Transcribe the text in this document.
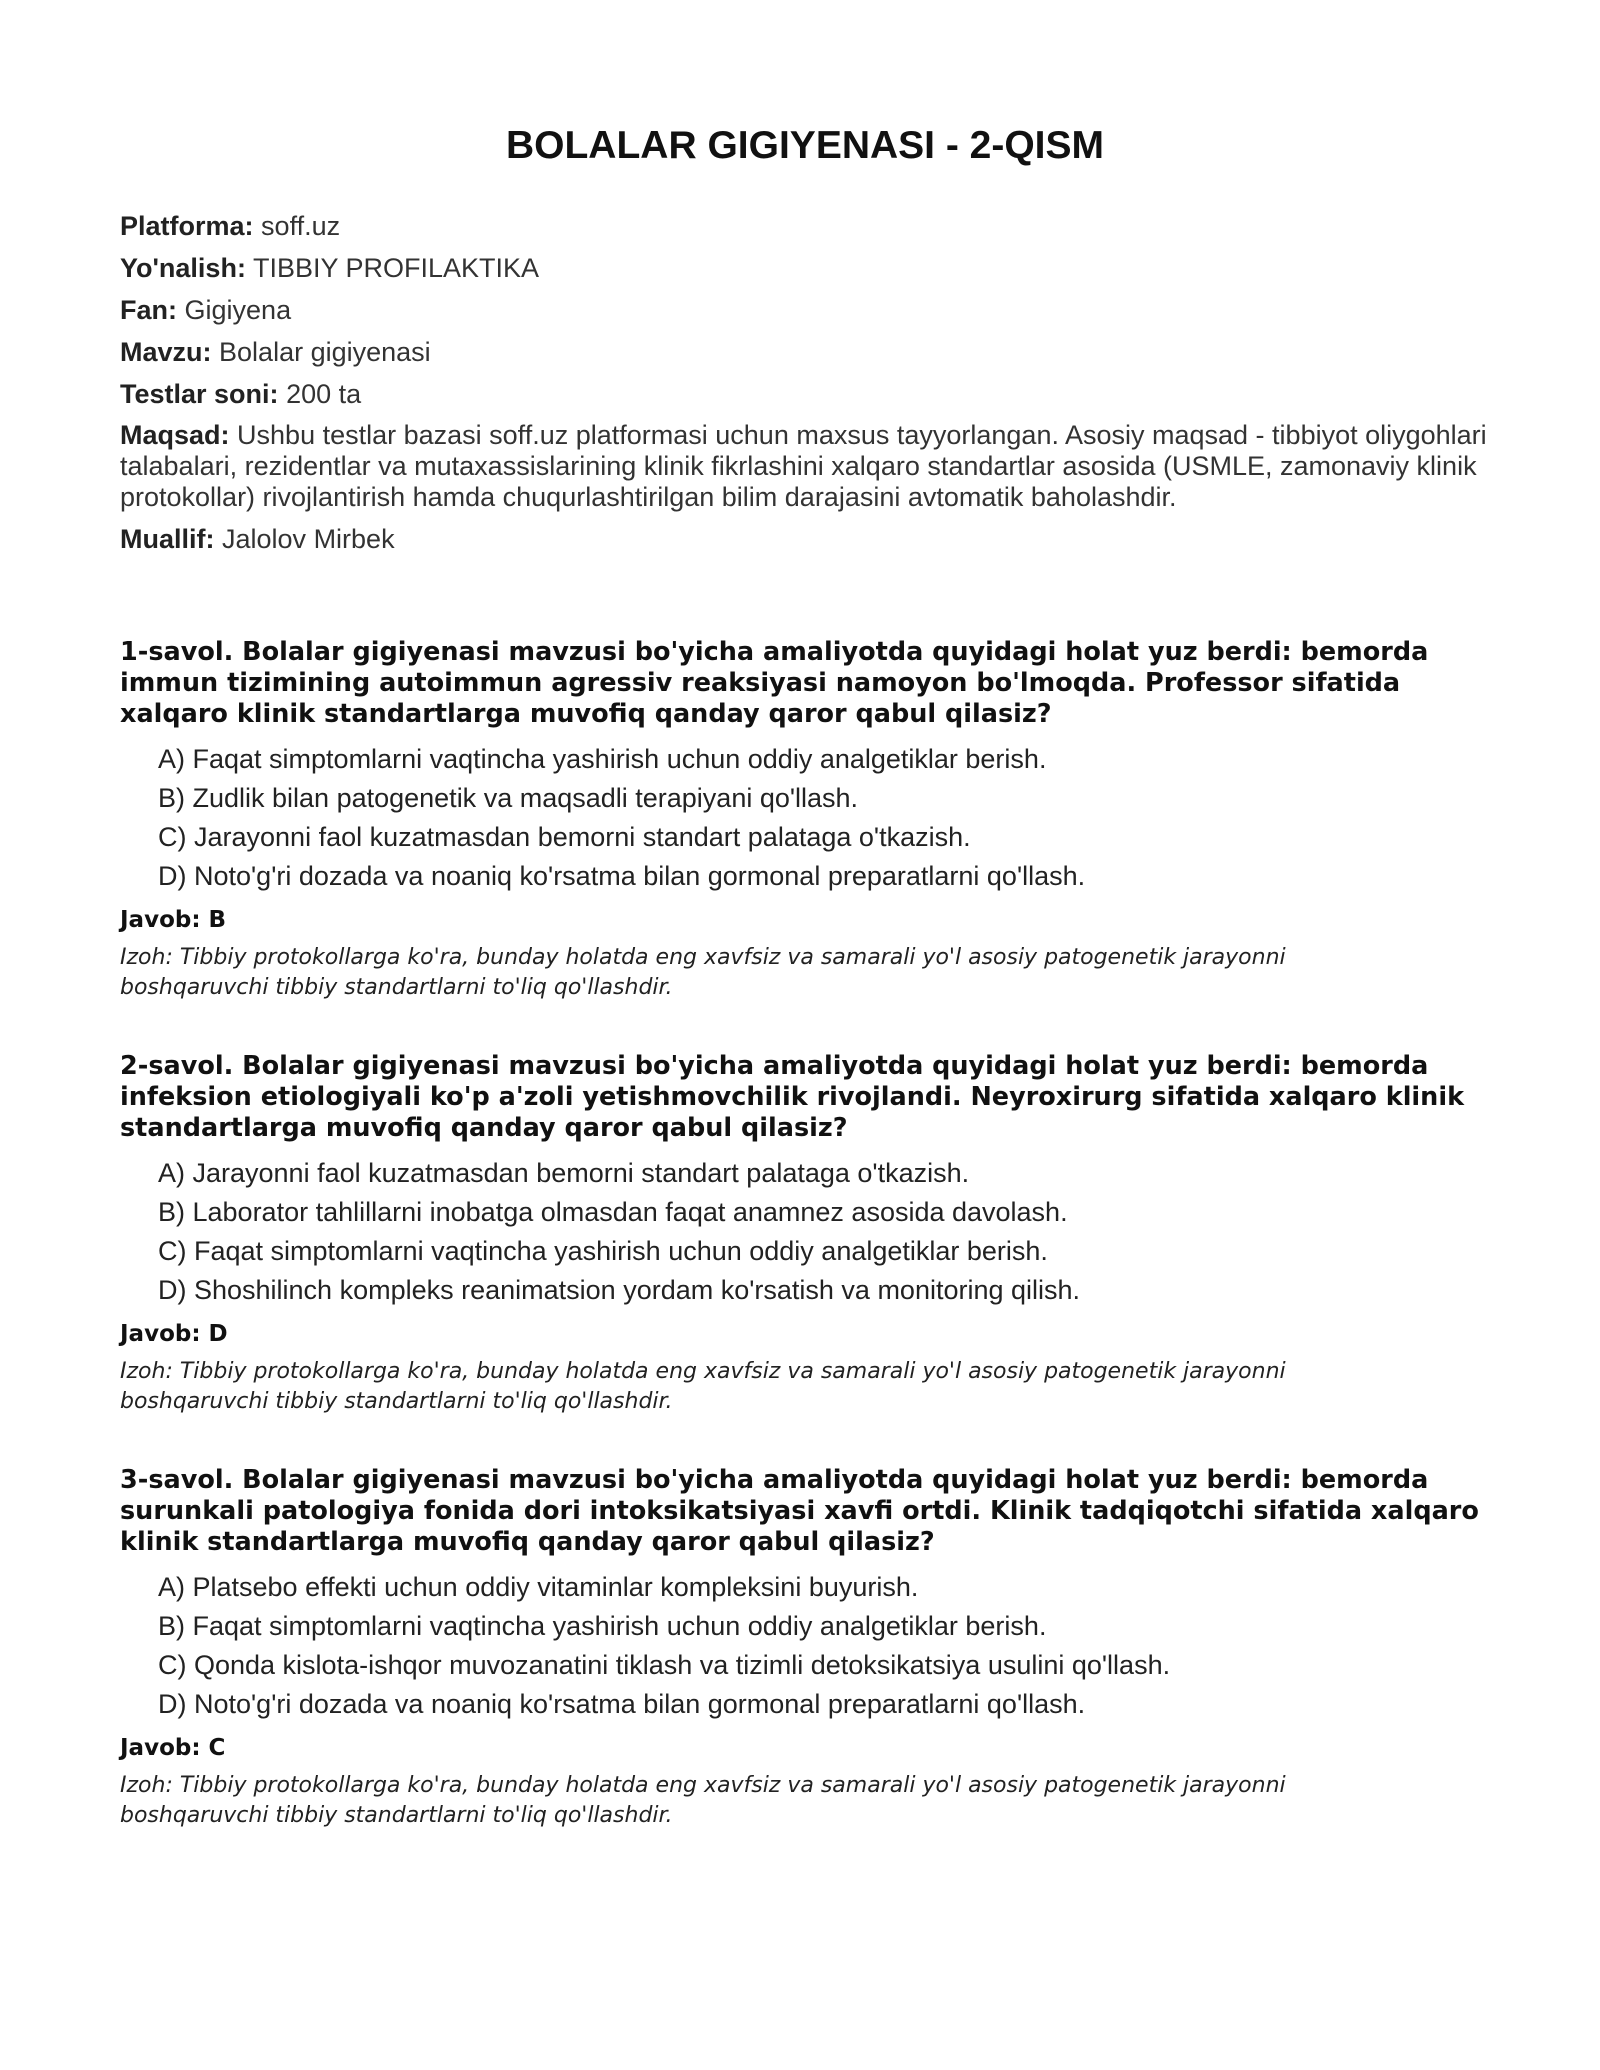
BOLALAR GIGIYENASI - 2-QISM

Platforma: soff.uz

Yo'nalish: TIBBIY PROFILAKTIKA

Fan: Gigiyena

Mavzu: Bolalar gigiyenasi

Testlar soni: 200 ta

Maqsad: Ushbu testlar bazasi soff.uz platformasi uchun maxsus tayyorlangan. Asosiy maqsad - tibbiyot oliygohlari talabalari, rezidentlar va mutaxassislarining klinik fikrlashini xalqaro standartlar asosida (USMLE, zamonaviy klinik protokollar) rivojlantirish hamda chuqurlashtirilgan bilim darajasini avtomatik baholashdir.

Muallif: Jalolov Mirbek

1-savol. Bolalar gigiyenasi mavzusi bo'yicha amaliyotda quyidagi holat yuz berdi: bemorda immun tizimining autoimmun agressiv reaksiyasi namoyon bo'lmoqda. Professor sifatida xalqaro klinik standartlarga muvofiq qanday qaror qabul qilasiz?

A) Faqat simptomlarni vaqtincha yashirish uchun oddiy analgetiklar berish.
B) Zudlik bilan patogenetik va maqsadli terapiyani qo'llash.
C) Jarayonni faol kuzatmasdan bemorni standart palataga o'tkazish.
D) Noto'g'ri dozada va noaniq ko'rsatma bilan gormonal preparatlarni qo'llash.

Javob: B

Izoh: Tibbiy protokollarga ko'ra, bunday holatda eng xavfsiz va samarali yo'l asosiy patogenetik jarayonni boshqaruvchi tibbiy standartlarni to'liq qo'llashdir.

2-savol. Bolalar gigiyenasi mavzusi bo'yicha amaliyotda quyidagi holat yuz berdi: bemorda infeksion etiologiyali ko'p a'zoli yetishmovchilik rivojlandi. Neyroxirurg sifatida xalqaro klinik standartlarga muvofiq qanday qaror qabul qilasiz?

A) Jarayonni faol kuzatmasdan bemorni standart palataga o'tkazish.
B) Laborator tahlillarni inobatga olmasdan faqat anamnez asosida davolash.
C) Faqat simptomlarni vaqtincha yashirish uchun oddiy analgetiklar berish.
D) Shoshilinch kompleks reanimatsion yordam ko'rsatish va monitoring qilish.

Javob: D

Izoh: Tibbiy protokollarga ko'ra, bunday holatda eng xavfsiz va samarali yo'l asosiy patogenetik jarayonni boshqaruvchi tibbiy standartlarni to'liq qo'llashdir.

3-savol. Bolalar gigiyenasi mavzusi bo'yicha amaliyotda quyidagi holat yuz berdi: bemorda surunkali patologiya fonida dori intoksikatsiyasi xavfi ortdi. Klinik tadqiqotchi sifatida xalqaro klinik standartlarga muvofiq qanday qaror qabul qilasiz?

A) Platsebo effekti uchun oddiy vitaminlar kompleksini buyurish.
B) Faqat simptomlarni vaqtincha yashirish uchun oddiy analgetiklar berish.
C) Qonda kislota-ishqor muvozanatini tiklash va tizimli detoksikatsiya usulini qo'llash.
D) Noto'g'ri dozada va noaniq ko'rsatma bilan gormonal preparatlarni qo'llash.

Javob: C

Izoh: Tibbiy protokollarga ko'ra, bunday holatda eng xavfsiz va samarali yo'l asosiy patogenetik jarayonni boshqaruvchi tibbiy standartlarni to'liq qo'llashdir.
